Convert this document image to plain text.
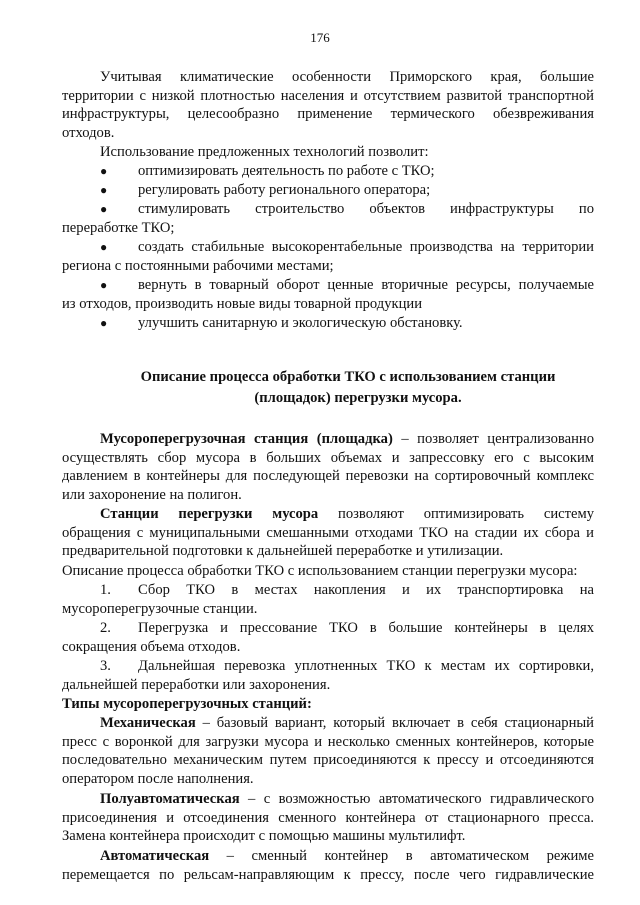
176
Учитывая климатические особенности Приморского края, большие
территории с низкой плотностью населения и отсутствием развитой транспортной
инфраструктуры, целесообразно применение термического обезвреживания
отходов.
Использование предложенных технологий позволит:
● оптимизировать деятельность по работе с ТКО;
● регулировать работу регионального оператора;
● стимулировать строительство объектов инфраструктуры по
переработке ТКО;
● создать стабильные высокорентабельные производства на территории
региона с постоянными рабочими местами;
● вернуть в товарный оборот ценные вторичные ресурсы, получаемые
из отходов, производить новые виды товарной продукции
● улучшить санитарную и экологическую обстановку.
Описание процесса обработки ТКО с использованием станции
(площадок) перегрузки мусора.
Мусороперегрузочная станция (площадка) – позволяет централизованно
осуществлять сбор мусора в больших объемах и запрессовку его с высоким
давлением в контейнеры для последующей перевозки на сортировочный комплекс
или захоронение на полигон.
Станции перегрузки мусора позволяют оптимизировать систему
обращения с муниципальными смешанными отходами ТКО на стадии их сбора и
предварительной подготовки к дальнейшей переработке и утилизации.
Описание процесса обработки ТКО с использованием станции перегрузки мусора:
1. Сбор ТКО в местах накопления и их транспортировка на
мусороперегрузочные станции.
2. Перегрузка и прессование ТКО в большие контейнеры в целях
сокращения объема отходов.
3. Дальнейшая перевозка уплотненных ТКО к местам их сортировки,
дальнейшей переработки или захоронения.
Типы мусороперегрузочных станций:
Механическая – базовый вариант, который включает в себя стационарный
пресс с воронкой для загрузки мусора и несколько сменных контейнеров, которые
последовательно механическим путем присоединяются к прессу и отсоединяются
оператором после наполнения.
Полуавтоматическая – с возможностью автоматического гидравлического
присоединения и отсоединения сменного контейнера от стационарного пресса.
Замена контейнера происходит с помощью машины мультилифт.
Автоматическая – сменный контейнер в автоматическом режиме
перемещается по рельсам-направляющим к прессу, после чего гидравлические
